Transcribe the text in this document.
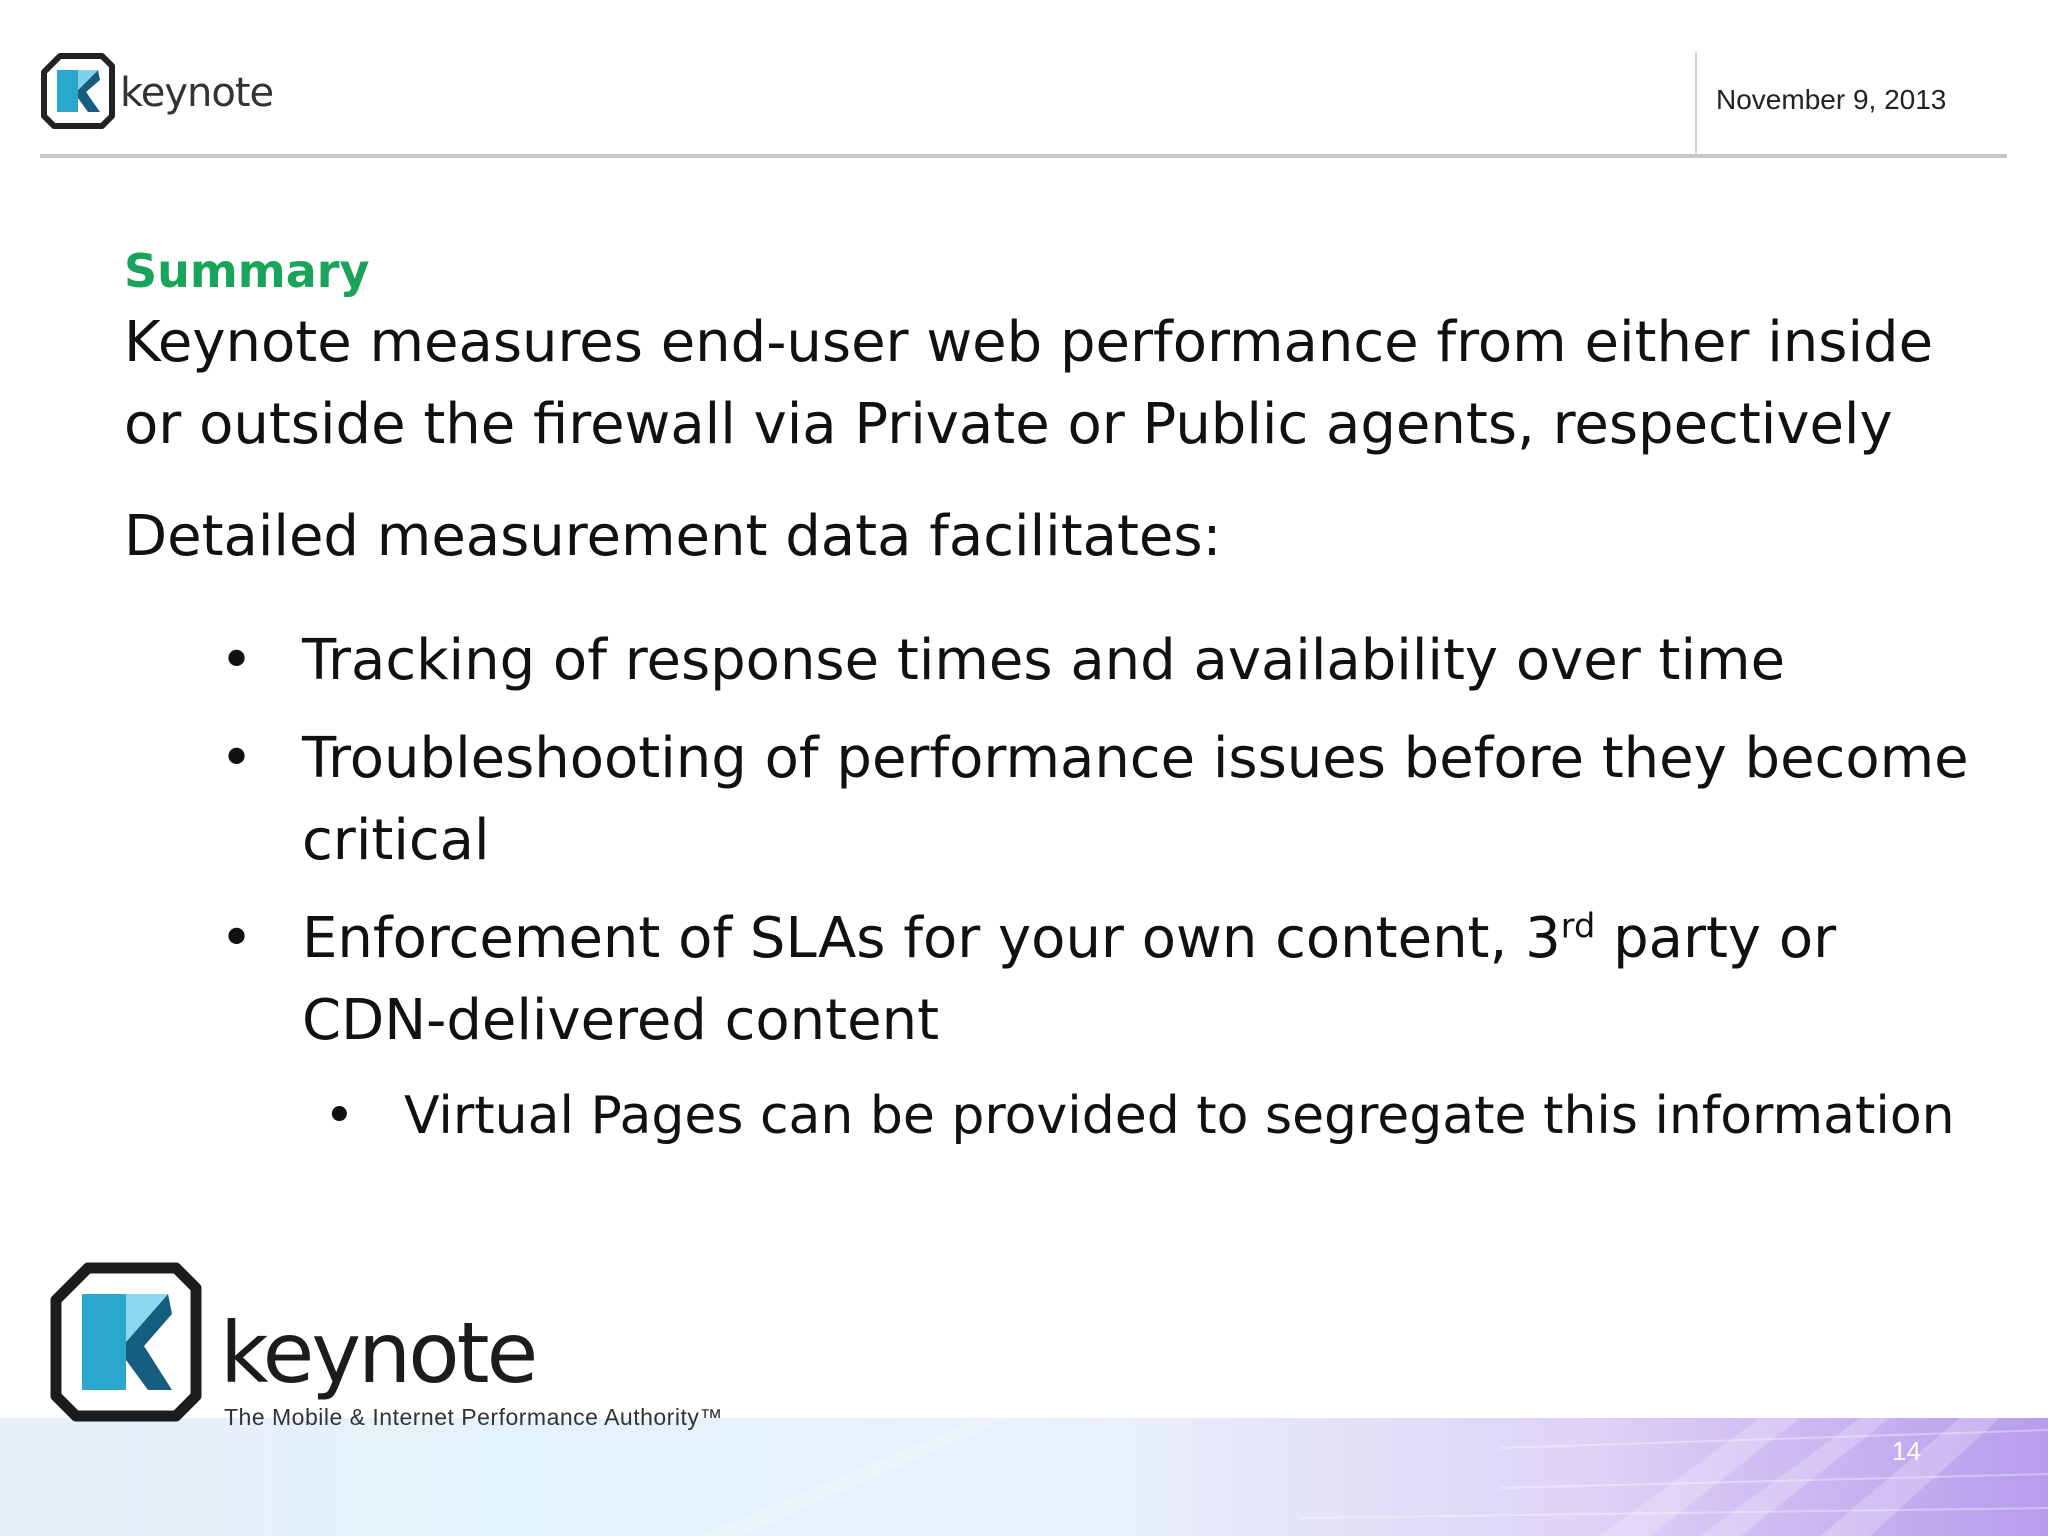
keynote	November 9, 2013
Summary

Keynote measures end-user web performance from either inside or outside the firewall via Private or Public agents, respectively

Detailed measurement data facilitates:

• Tracking of response times and availability over time
• Troubleshooting of performance issues before they become critical
• Enforcement of SLAs for your own content, 3rd party or CDN-delivered content
• Virtual Pages can be provided to segregate this information
keynote
The Mobile & Internet Performance Authority™
14
